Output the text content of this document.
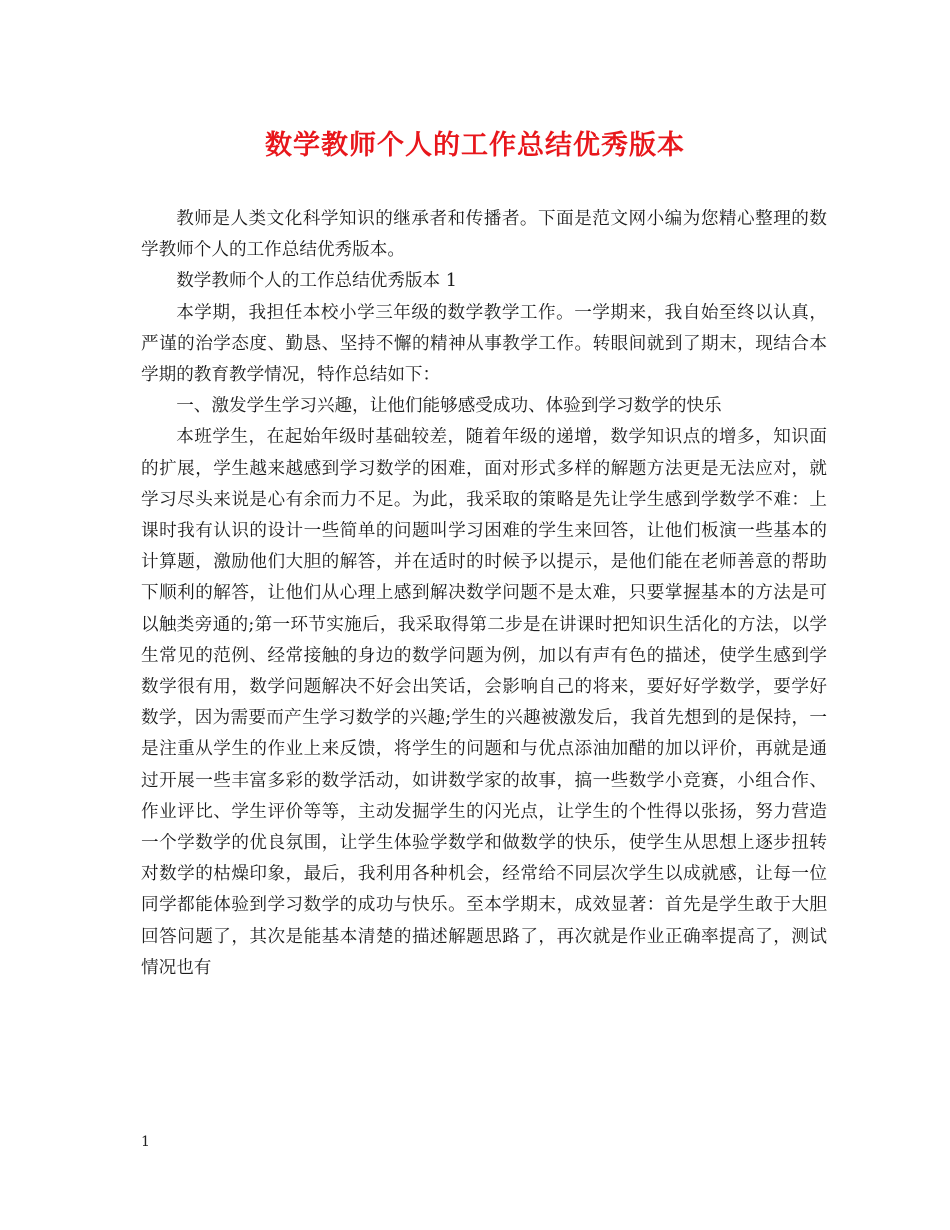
数学教师个人的工作总结优秀版本

教师是人类文化科学知识的继承者和传播者。下面是范文网小编为您精心整理的数学教师个人的工作总结优秀版本。

数学教师个人的工作总结优秀版本 1

本学期，我担任本校小学三年级的数学教学工作。一学期来，我自始至终以认真，严谨的治学态度、勤恳、坚持不懈的精神从事教学工作。转眼间就到了期末，现结合本学期的教育教学情况，特作总结如下：

一、激发学生学习兴趣，让他们能够感受成功、体验到学习数学的快乐

本班学生，在起始年级时基础较差，随着年级的递增，数学知识点的增多，知识面的扩展，学生越来越感到学习数学的困难，面对形式多样的解题方法更是无法应对，就学习尽头来说是心有余而力不足。为此，我采取的策略是先让学生感到学数学不难：上课时我有认识的设计一些简单的问题叫学习困难的学生来回答，让他们板演一些基本的计算题，激励他们大胆的解答，并在适时的时候予以提示，是他们能在老师善意的帮助下顺利的解答，让他们从心理上感到解决数学问题不是太难，只要掌握基本的方法是可以触类旁通的;第一环节实施后，我采取得第二步是在讲课时把知识生活化的方法，以学生常见的范例、经常接触的身边的数学问题为例，加以有声有色的描述，使学生感到学数学很有用，数学问题解决不好会出笑话，会影响自己的将来，要好好学数学，要学好数学，因为需要而产生学习数学的兴趣;学生的兴趣被激发后，我首先想到的是保持，一是注重从学生的作业上来反馈，将学生的问题和与优点添油加醋的加以评价，再就是通过开展一些丰富多彩的数学活动，如讲数学家的故事，搞一些数学小竞赛，小组合作、作业评比、学生评价等等，主动发掘学生的闪光点，让学生的个性得以张扬，努力营造一个学数学的优良氛围，让学生体验学数学和做数学的快乐，使学生从思想上逐步扭转对数学的枯燥印象，最后，我利用各种机会，经常给不同层次学生以成就感，让每一位同学都能体验到学习数学的成功与快乐。至本学期末，成效显著：首先是学生敢于大胆回答问题了，其次是能基本清楚的描述解题思路了，再次就是作业正确率提高了，测试情况也有

1
